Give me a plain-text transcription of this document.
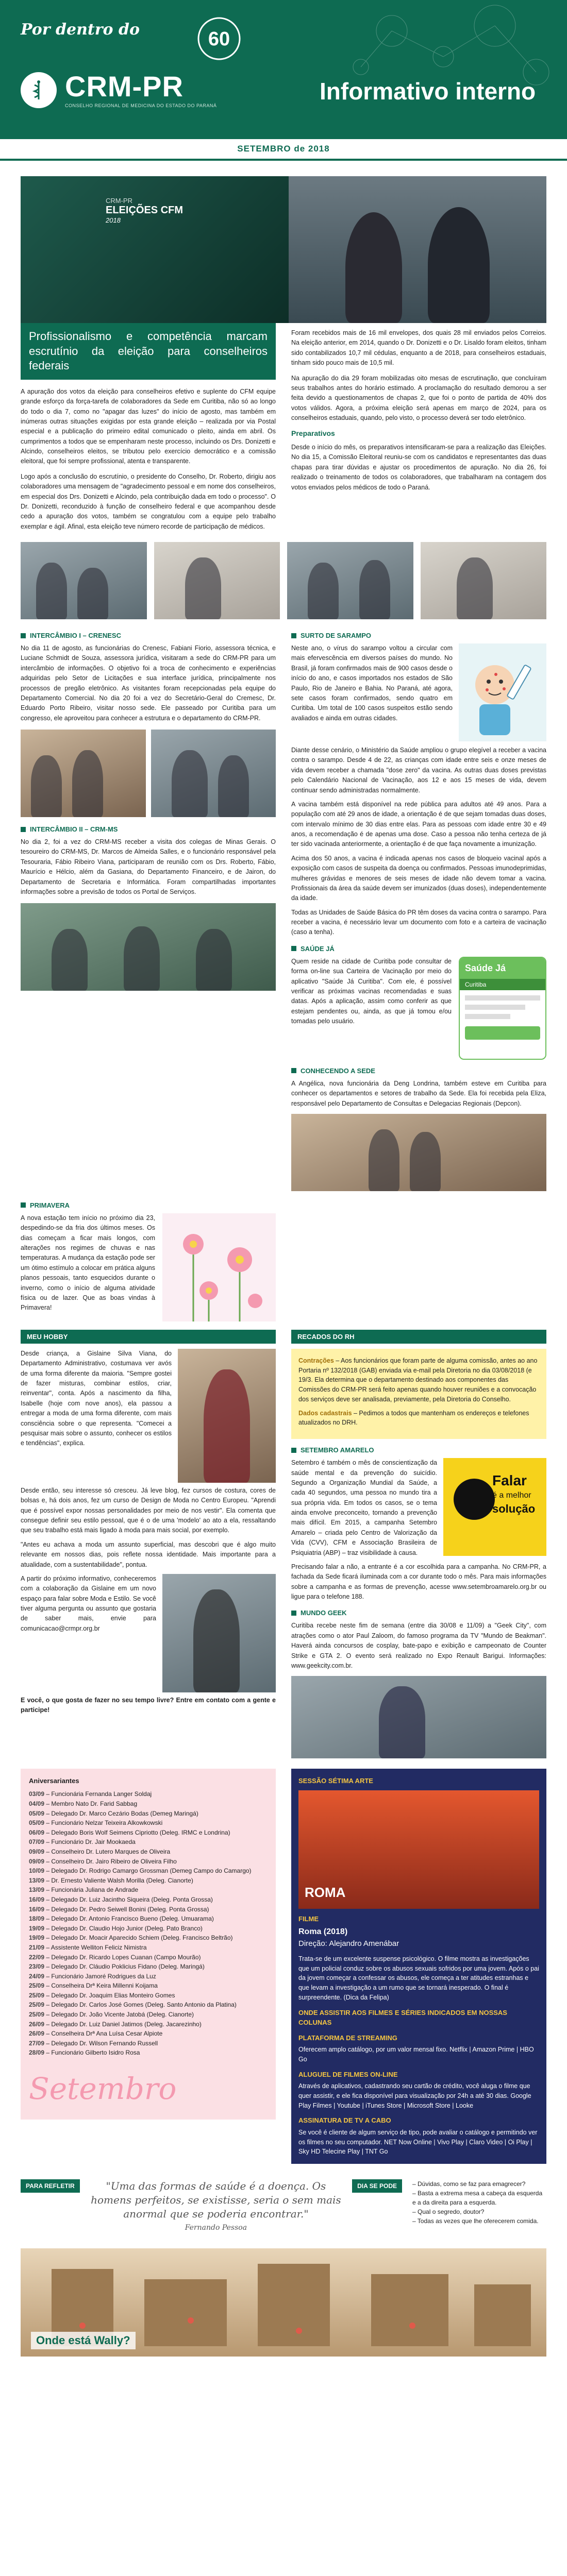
Por dentro do	60
CRM-PR
CONSELHO REGIONAL DE MEDICINA DO ESTADO DO PARANÁ
Informativo interno
SETEMBRO de 2018
CRM-PR
ELEIÇÕES CFM
2018
Profissionalismo e competência marcam escrutínio da eleição para conselheiros federais

A apuração dos votos da eleição para conselheiros efetivo e suplente do CFM equipe grande esforço da força-tarefa de colaboradores da Sede em Curitiba, não só ao longo do todo o dia 7, como no "apagar das luzes" do início de agosto, mas também em inúmeras outras situações exigidas por esta grande eleição – realizada por via Postal especial e a publicação do primeiro edital comunicado o pleito, ainda em abril. Os cumprimentos a todos que se empenharam neste processo, incluindo os Drs. Donizetti e Alcindo, conselheiros eleitos, se tributou pelo exercício democrático e a comissão eleitoral, que foi sempre profissional, atenta e transparente.

Logo após a conclusão do escrutínio, o presidente do Conselho, Dr. Roberto, dirigiu aos colaboradores uma mensagem de "agradecimento pessoal e em nome dos conselheiros, em especial dos Drs. Donizetti e Alcindo, pela contribuição dada em todo o processo". O Dr. Donizetti, reconduzido à função de conselheiro federal e que acompanhou desde cedo a apuração dos votos, também se congratulou com a equipe pelo trabalho exemplar e ágil. Afinal, esta eleição teve número recorde de participação de médicos.

Foram recebidos mais de 16 mil envelopes, dos quais 28 mil enviados pelos Correios. Na eleição anterior, em 2014, quando o Dr. Donizetti e o Dr. Lisaldo foram eleitos, tinham sido contabilizados 10,7 mil cédulas, enquanto a de 2018, para conselheiros estaduais, tinham sido pouco mais de 10,5 mil.

Na apuração do dia 29 foram mobilizadas oito mesas de escrutinação, que concluíram seus trabalhos antes do horário estimado. A proclamação do resultado demorou a ser feita devido a questionamentos de chapas 2, que foi o ponto de partida de 40% dos votos válidos. Agora, a próxima eleição será apenas em março de 2024, para os conselheiros estaduais, quando, pelo visto, o processo deverá ser todo eletrônico.

Preparativos

Desde o início do mês, os preparativos intensificaram-se para a realização das Eleições. No dia 15, a Comissão Eleitoral reuniu-se com os candidatos e representantes das duas chapas para tirar dúvidas e ajustar os procedimentos de apuração. No dia 26, foi realizado o treinamento de todos os colaboradores, que trabalharam na contagem dos votos enviados pelos médicos de todo o Paraná.

INTERCÂMBIO I – CRENESC
No dia 11 de agosto, as funcionárias do Crenesc, Fabiani Fiorio, assessora técnica, e Luciane Schmidt de Souza, assessora jurídica, visitaram a sede do CRM-PR para um intercâmbio de informações. O objetivo foi a troca de conhecimento e experiências adquiridas pelo Setor de Licitações e sua interface jurídica, principalmente nos processos de pregão eletrônico. As visitantes foram recepcionadas pela equipe do Departamento Comercial. No dia 20 foi a vez do Secretário-Geral do Cremesc, Dr. Eduardo Porto Ribeiro, visitar nosso sede. Ele passeado por Curitiba para um congresso, ele aproveitou para conhecer a estrutura e o departamento do CRM-PR.
INTERCÂMBIO II – CRM-MS
No dia 2, foi a vez do CRM-MS receber a visita dos colegas de Minas Gerais. O tesoureiro do CRM-MS, Dr. Marcos de Almeida Salles, e o funcionário responsável pela Tesouraria, Fábio Ribeiro Viana, participaram de reunião com os Drs. Roberto, Fábio, Maurício e Hélcio, além da Gasiana, do Departamento Financeiro, e de Jairon, do Departamento de Secretaria e Informática. Foram compartilhadas importantes informações sobre a previsão de todos os Portal de Serviços.
SURTO DE SARAMPO
Neste ano, o vírus do sarampo voltou a circular com mais efervescência em diversos países do mundo. No Brasil, já foram confirmados mais de 900 casos desde o início do ano, e casos importados nos estados de São Paulo, Rio de Janeiro e Bahia. No Paraná, até agora, sete casos foram confirmados, sendo quatro em Curitiba. Um total de 100 casos suspeitos estão sendo avaliados e ainda em outras cidades.

Diante desse cenário, o Ministério da Saúde ampliou o grupo elegível a receber a vacina contra o sarampo. Desde 4 de 22, as crianças com idade entre seis e onze meses de vida devem receber a chamada "dose zero" da vacina. As outras duas doses previstas pelo Calendário Nacional de Vacinação, aos 12 e aos 15 meses de vida, devem continuar sendo administradas normalmente.

A vacina também está disponível na rede pública para adultos até 49 anos. Para a população com até 29 anos de idade, a orientação é de que sejam tomadas duas doses, com intervalo mínimo de 30 dias entre elas. Para as pessoas com idade entre 30 e 49 anos, a recomendação é de apenas uma dose. Caso a pessoa não tenha certeza de já ter sido vacinada anteriormente, a orientação é de que faça novamente a imunização.

Acima dos 50 anos, a vacina é indicada apenas nos casos de bloqueio vacinal após a exposição com casos de suspeita da doença ou confirmados. Pessoas imunodeprimidas, mulheres grávidas e menores de seis meses de idade não devem tomar a vacina. Profissionais da área da saúde devem ser imunizados (duas doses), independentemente da idade.

Todas as Unidades de Saúde Básica do PR têm doses da vacina contra o sarampo. Para receber a vacina, é necessário levar um documento com foto e a carteira de vacinação (caso a tenha).

SAÚDE JÁ
Quem reside na cidade de Curitiba pode consultar de forma on-line sua Carteira de Vacinação por meio do aplicativo "Saúde Já Curitiba". Com ele, é possível verificar as próximas vacinas recomendadas e suas datas. Após a aplicação, assim como conferir as que estejam pendentes ou, ainda, as que já tomou e/ou tomadas pelo usuário.
Saúde Já
Curitiba
CONHECENDO A SEDE
A Angélica, nova funcionária da Deng Londrina, também esteve em Curitiba para conhecer os departamentos e setores de trabalho da Sede. Ela foi recebida pela Eliza, responsável pelo Departamento de Consultas e Delegacias Regionais (Depcon).
PRIMAVERA
A nova estação tem início no próximo dia 23, despedindo-se da fria dos últimos meses. Os dias começam a ficar mais longos, com alterações nos regimes de chuvas e nas temperaturas. A mudança da estação pode ser um ótimo estímulo a colocar em prática alguns planos pessoais, tanto esquecidos durante o inverno, como o início de alguma atividade física ou de lazer. Que as boas vindas à Primavera!
MEU HOBBY

Desde criança, a Gislaine Silva Viana, do Departamento Administrativo, costumava ver avós de uma forma diferente da maioria. "Sempre gostei de fazer misturas, combinar estilos, criar, reinventar", conta. Após a nascimento da filha, Isabelle (hoje com nove anos), ela passou a entregar a moda de uma forma diferente, com mais consciência sobre o que representa. "Comecei a pesquisar mais sobre o assunto, conhecer os estilos e tendências", explica.

Desde então, seu interesse só cresceu. Já leve blog, fez cursos de costura, cores de bolsas e, há dois anos, fez um curso de Design de Moda no Centro Europeu. "Aprendi que é possível expor nossas personalidades por meio de nos vestir". Ela comenta que consegue definir seu estilo pessoal, que é o de uma 'modelo' ao ato a ela, ressaltando que seu trabalho está mais ligado à moda para mais social, por exemplo.

"Antes eu achava a moda um assunto superficial, mas descobri que é algo muito relevante em nossos dias, pois reflete nossa identidade. Mais importante para a atualidade, com a sustentabilidade", pontua.

A partir do próximo informativo, conheceremos com a colaboração da Gislaine em um novo espaço para falar sobre Moda e Estilo. Se você tiver alguma pergunta ou assunto que gostaria de saber mais, envie para comunicacao@crmpr.org.br

E você, o que gosta de fazer no seu tempo livre? Entre em contato com a gente e participe!

RECADOS DO RH

Contrações – Aos funcionários que foram parte de alguma comissão, antes ao ano Portaria nº 132/2018 (GAB) enviada via e-mail pela Diretoria no dia 03/08/2018 (e 19/3. Ela determina que o departamento destinado aos componentes das Comissões do CRM-PR será feito apenas quando houver reuniões e a convocação dos serviços deve ser analisada, previamente, pela Diretoria do Conselho.

Dados cadastrais – Pedimos a todos que mantenham os endereços e telefones atualizados no DRH.

SETEMBRO AMARELO
Setembro é também o mês de conscientização da saúde mental e da prevenção do suicídio. Segundo a Organização Mundial da Saúde, a cada 40 segundos, uma pessoa no mundo tira a sua própria vida. Em todos os casos, se o tema ainda envolve preconceito, tornando a prevenção mais difícil. Em 2015, a campanha Setembro Amarelo – criada pelo Centro de Valorização da Vida (CVV), CFM e Associação Brasileira de Psiquiatria (ABP) – traz visibilidade à causa.
Falar
é a melhor
solução
Precisando falar a não, a entrante é a cor escolhida para a campanha. No CRM-PR, a fachada da Sede ficará iluminada com a cor durante todo o mês. Para mais informações sobre a campanha e as formas de prevenção, acesse www.setembroamarelo.org.br ou ligue para o telefone 188.
MUNDO GEEK
Curitiba recebe neste fim de semana (entre dia 30/08 e 11/09) a "Geek City", com atrações como o ator Paul Zaloom, do famoso programa da TV "Mundo de Beakman". Haverá ainda concursos de cosplay, bate-papo e exibição e campeonato de Counter Strike e GTA 2. O evento será realizado no Expo Renault Barigui. Informações: www.geekcity.com.br.
Aniversariantes
03/09 – Funcionária Fernanda Langer Soldaj
04/09 – Membro Nato Dr. Farid Sabbag
05/09 – Delegado Dr. Marco Cezário Bodas (Demeg Maringá)
05/09 – Funcionário Nelzar Teixeira Alkowkowski
06/09 – Delegado Boris Wolf Seimens Cipriotto (Deleg. IRMC e Londrina)
07/09 – Funcionário Dr. Jair Mookaeda
09/09 – Conselheiro Dr. Lutero Marques de Oliveira
09/09 – Conselheiro Dr. Jairo Ribeiro de Oliveira Filho
10/09 – Delegado Dr. Rodrigo Camargo Grossman (Demeg Campo do Camargo)
13/09 – Dr. Ernesto Valiente Walsh Morilla (Deleg. Cianorte)
13/09 – Funcionária Juliana de Andrade
16/09 – Delegado Dr. Luiz Jacintho Siqueira (Deleg. Ponta Grossa)
16/09 – Delegado Dr. Pedro Seiwell Bonini (Deleg. Ponta Grossa)
18/09 – Delegado Dr. Antonio Francisco Bueno (Deleg. Umuarama)
19/09 – Delegado Dr. Claudio Hojo Junior (Deleg. Pato Branco)
19/09 – Delegado Dr. Moacir Aparecido Schiem (Deleg. Francisco Beltrão)
21/09 – Assistente Welliton Feliciz Nimistra
22/09 – Delegado Dr. Ricardo Lopes Cuanan (Campo Mourão)
23/09 – Delegado Dr. Cláudio Poklicius Fidano (Deleg. Maringá)
24/09 – Funcionário Jamoré Rodrigues da Luz
25/09 – Conselheira Drª Keira Millenni Koijama
25/09 – Delegado Dr. Joaquim Elias Monteiro Gomes
25/09 – Delegado Dr. Carlos José Gomes (Deleg. Santo Antonio da Platina)
25/09 – Delegado Dr. João Vicente Jatobá (Deleg. Cianorte)
26/09 – Delegado Dr. Luiz Daniel Jatimos (Deleg. Jacarezinho)
26/09 – Conselheira Drª Ana Luísa Cesar Alpiote
27/09 – Delegado Dr. Wilson Fernando Russell
28/09 – Funcionário Gilberto Isidro Rosa
Setembro
SESSÃO SÉTIMA ARTE
ROMA
FILME
Roma (2018)
Direção: Alejandro Amenábar

Trata-se de um excelente suspense psicológico. O filme mostra as investigações que um policial conduz sobre os abusos sexuais sofridos por uma jovem. Após o pai da jovem começar a confessar os abusos, ele começa a ter atitudes estranhas e que levam a investigação a um rumo que se tornará inesperado. O final é surpreendente. (Dica da Felipa)

ONDE ASSISTIR AOS FILMES E SÉRIES INDICADOS EM NOSSAS COLUNAS
PLATAFORMA DE STREAMING

Oferecem amplo catálogo, por um valor mensal fixo. Netflix | Amazon Prime | HBO Go

ALUGUEL DE FILMES ON-LINE

Através de aplicativos, cadastrando seu cartão de crédito, você aluga o filme que quer assistir, e ele fica disponível para visualização por 24h a até 30 dias. Google Play Filmes | Youtube | iTunes Store | Microsoft Store | Looke

ASSINATURA DE TV A CABO

Se você é cliente de algum serviço de tipo, pode avaliar o catálogo e permitindo ver os filmes no seu computador. NET Now Online | Vivo Play | Claro Video | Oi Play | Sky HD Telecine Play | TNT Go

PARA REFLETIR	"Uma das formas de saúde é a doença. Os homens perfeitos, se existisse, seria o sem mais anormal que se poderia encontrar."
Fernando Pessoa
DIA SE PODE	– Dúvidas, como se faz para emagrecer?
– Basta a extrema mesa a cabeça da esquerda e a da direita para a esquerda.
– Qual o segredo, doutor?
– Todas as vezes que lhe oferecerem comida.
Onde está Wally?
